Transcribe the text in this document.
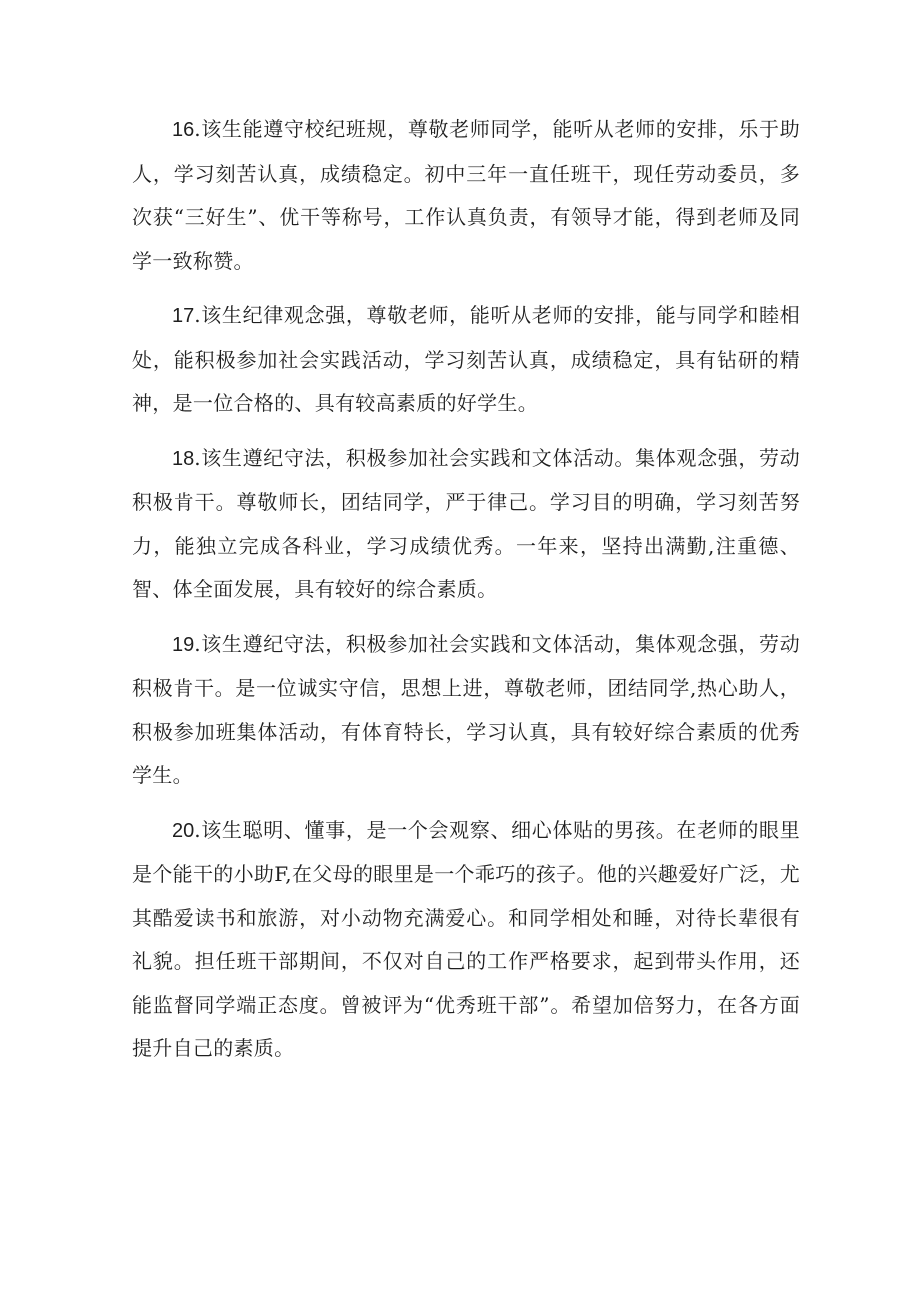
16.该生能遵守校纪班规，尊敬老师同学，能听从老师的安排，乐于助人，学习刻苦认真，成绩稳定。初中三年一直任班干，现任劳动委员，多次获“三好生”、优干等称号，工作认真负责，有领导才能，得到老师及同学一致称赞。

17.该生纪律观念强，尊敬老师，能听从老师的安排，能与同学和睦相处，能积极参加社会实践活动，学习刻苦认真，成绩稳定，具有钻研的精神，是一位合格的、具有较高素质的好学生。

18.该生遵纪守法，积极参加社会实践和文体活动。集体观念强，劳动积极肯干。尊敬师长，团结同学，严于律己。学习目的明确，学习刻苦努力，能独立完成各科业，学习成绩优秀。一年来，坚持出满勤,注重德、智、体全面发展，具有较好的综合素质。

19.该生遵纪守法，积极参加社会实践和文体活动，集体观念强，劳动积极肯干。是一位诚实守信，思想上进，尊敬老师，团结同学,热心助人，积极参加班集体活动，有体育特长，学习认真，具有较好综合素质的优秀学生。

20.该生聪明、懂事，是一个会观察、细心体贴的男孩。在老师的眼里是个能干的小助F,在父母的眼里是一个乖巧的孩子。他的兴趣爱好广泛，尤其酷爱读书和旅游，对小动物充满爱心。和同学相处和睡，对待长辈很有礼貌。担任班干部期间，不仅对自己的工作严格要求，起到带头作用，还能监督同学端正态度。曾被评为“优秀班干部”。希望加倍努力，在各方面提升自己的素质。
